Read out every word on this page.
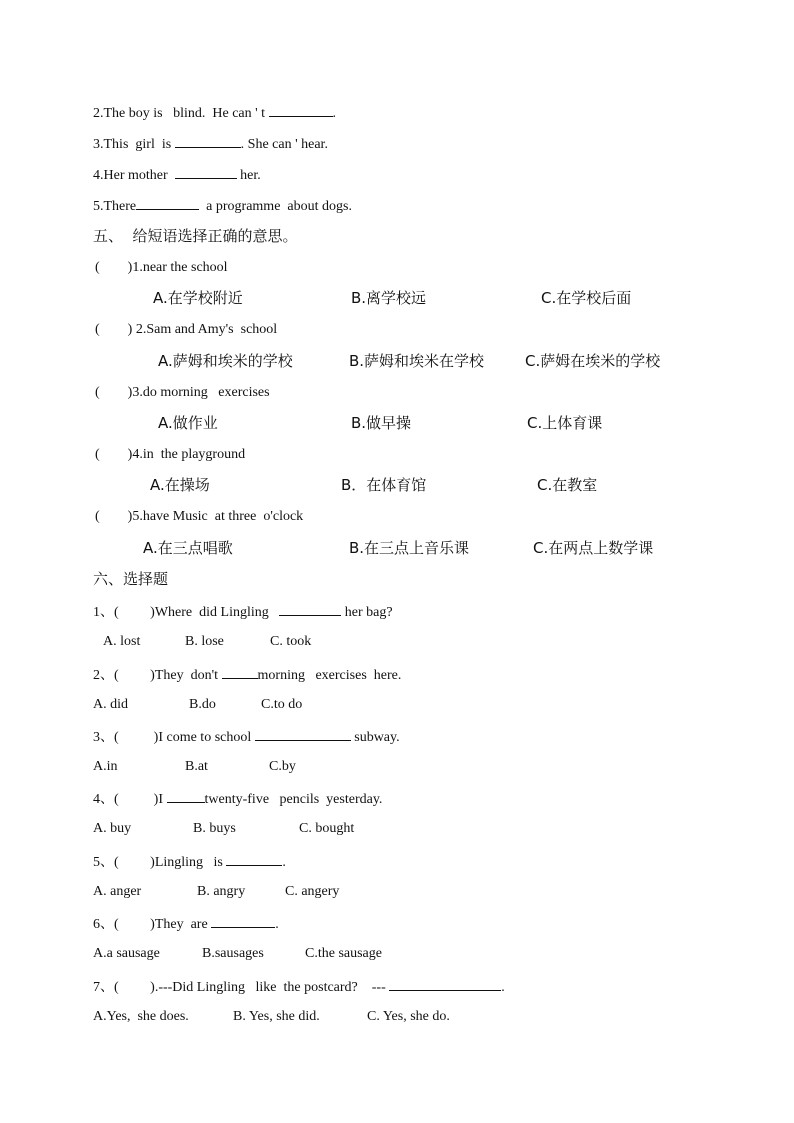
2.The boy is   blind.  He can ' t	.
3.This  girl  is	. She can ' hear.
4.Her mother	her.
5.There	a programme  about dogs.
五、  给短语选择正确的意思。
(        )1.near the school
A.在学校附近	B.离学校远	C.在学校后面
(        ) 2.Sam and Amy's  school
A.萨姆和埃米的学校	B.萨姆和埃米在学校	C.萨姆在埃米的学校
(        )3.do morning   exercises
A.做作业	B.做早操	C.上体育课
(        )4.in  the playground
A.在操场	B．在体育馆	C.在教室
(        )5.have Music  at three  o'clock
A.在三点唱歌	B.在三点上音乐课	C.在两点上数学课
六、选择题
1、(         )Where  did Lingling	her bag?
A. lost	B. lose	C. took
2、(         )They  don't	morning   exercises  here.
A. did	B.do	C.to do
3、(          )I come to school	subway.
A.in	B.at	C.by
4、(          )I	twenty-five   pencils  yesterday.
A. buy	B. buys	C. bought
5、(         )Lingling   is	.
A. anger	B. angry	C. angery
6、(         )They  are	.
A.a sausage	B.sausages	C.the sausage
7、(         ).---Did Lingling   like  the postcard?    ---	.
A.Yes,  she does.	B. Yes, she did.	C. Yes, she do.
